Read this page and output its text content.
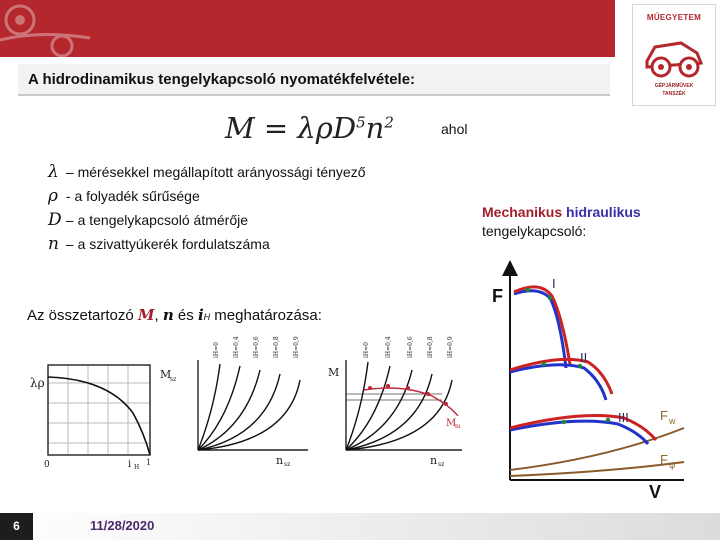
MŰEGYETEM
GÉPJÁRMŰVEK
TANSZÉK
A hidrodinamikus tengelykapcsoló nyomatékfelvétele:
$M = \lambda\rho D^5n^2$	ahol
λ – mérésekkel megállapított arányossági tényező
ρ - a folyadék sűrűsége
D – a tengelykapcsoló átmérője
n – a szivattyúkerék fordulatszáma
Mechanikus hidraulikus
tengelykapcsoló:
Az összetartozó M, n és iH meghatározása:
λρ
0	i H
1
iH=0 iH=0,4 iH=0,6 iH=0,8 iH=0,9
M
sz
n sz
iH=0	iH=0,4	iH=0,6 iH=0,8 iH=0,9
M
M
m
n sz
F
V
I
II
III F w
F ψ
6	11/28/2020
